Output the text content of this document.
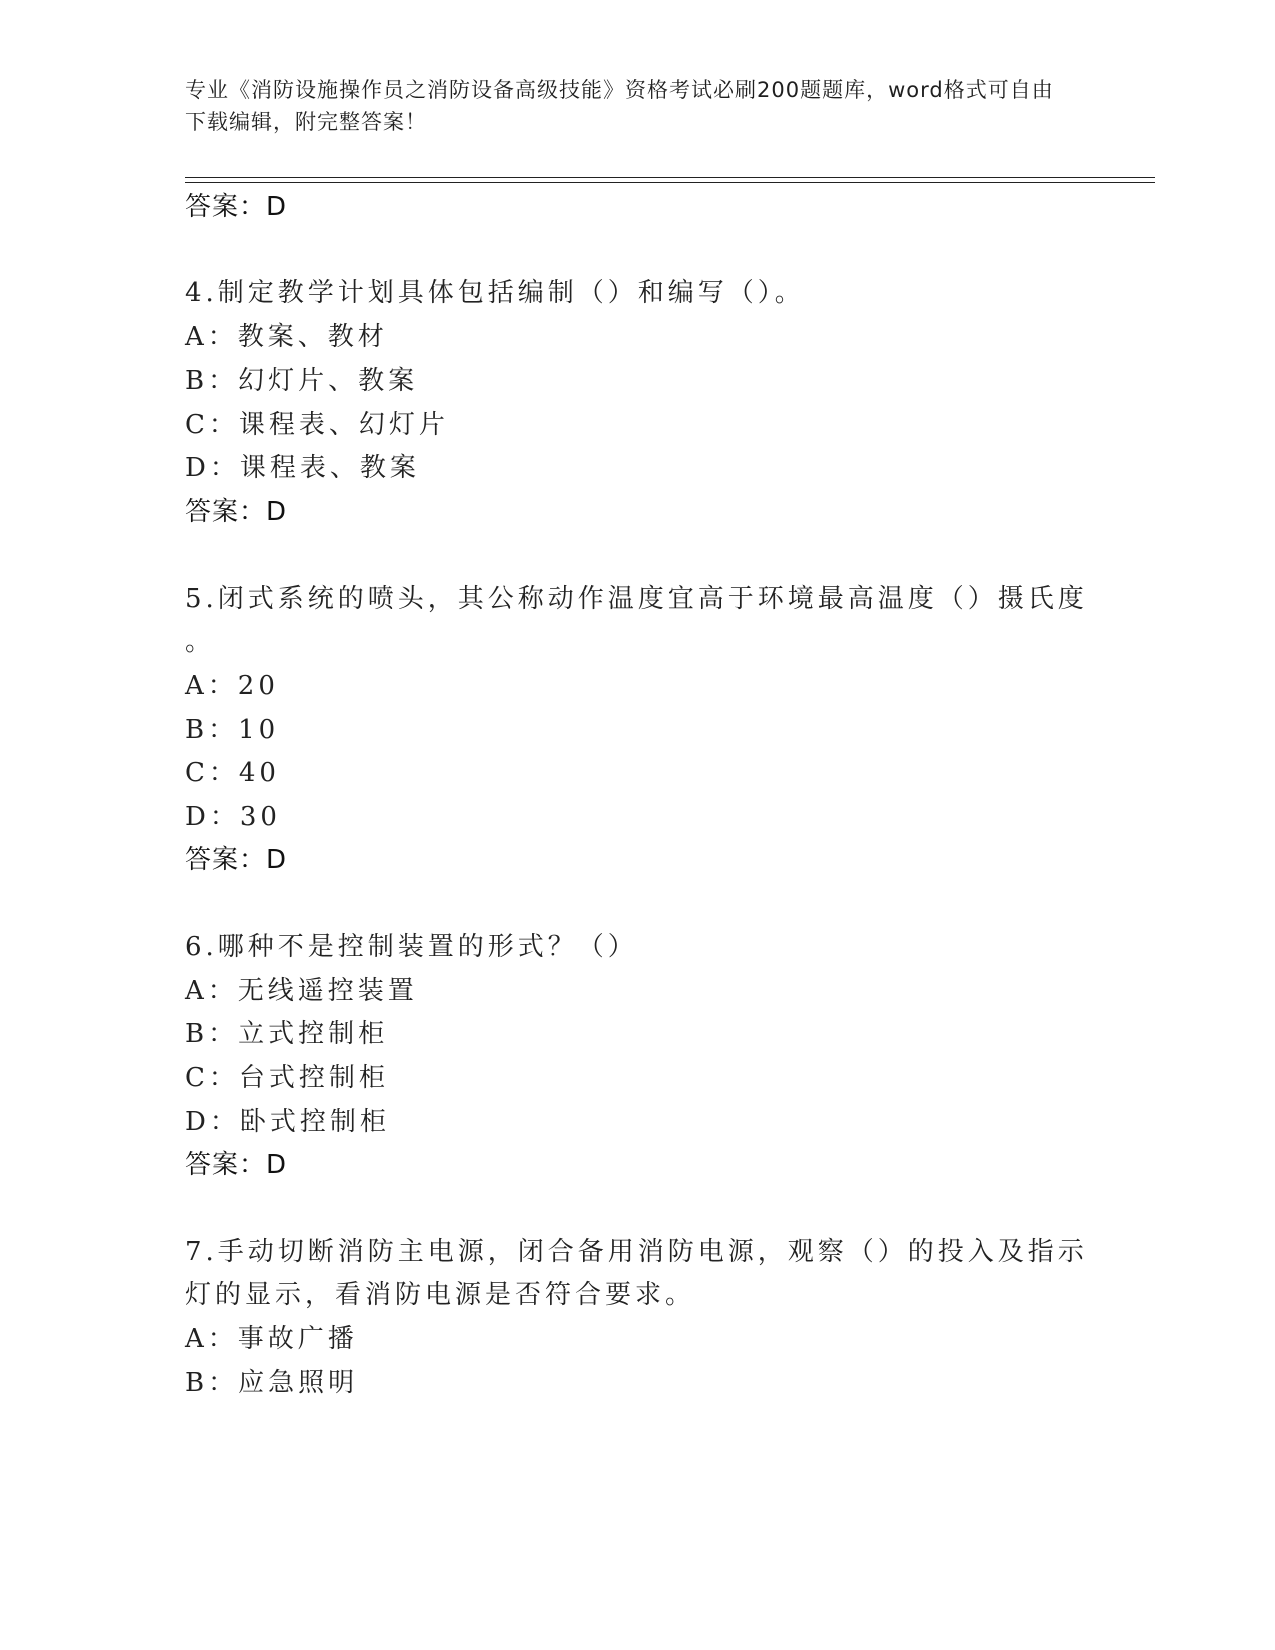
专业《消防设施操作员之消防设备高级技能》资格考试必刷200题题库，word格式可自由下载编辑，附完整答案！
答案：D
4.制定教学计划具体包括编制（）和编写（）。
A：教案、教材
B：幻灯片、教案
C：课程表、幻灯片
D：课程表、教案
答案：D
5.闭式系统的喷头，其公称动作温度宜高于环境最高温度（）摄氏度
。
A：20
B：10
C：40
D：30
答案：D
6.哪种不是控制装置的形式？（）
A：无线遥控装置
B：立式控制柜
C：台式控制柜
D：卧式控制柜
答案：D
7.手动切断消防主电源，闭合备用消防电源，观察（）的投入及指示
灯的显示，看消防电源是否符合要求。
A：事故广播
B：应急照明
